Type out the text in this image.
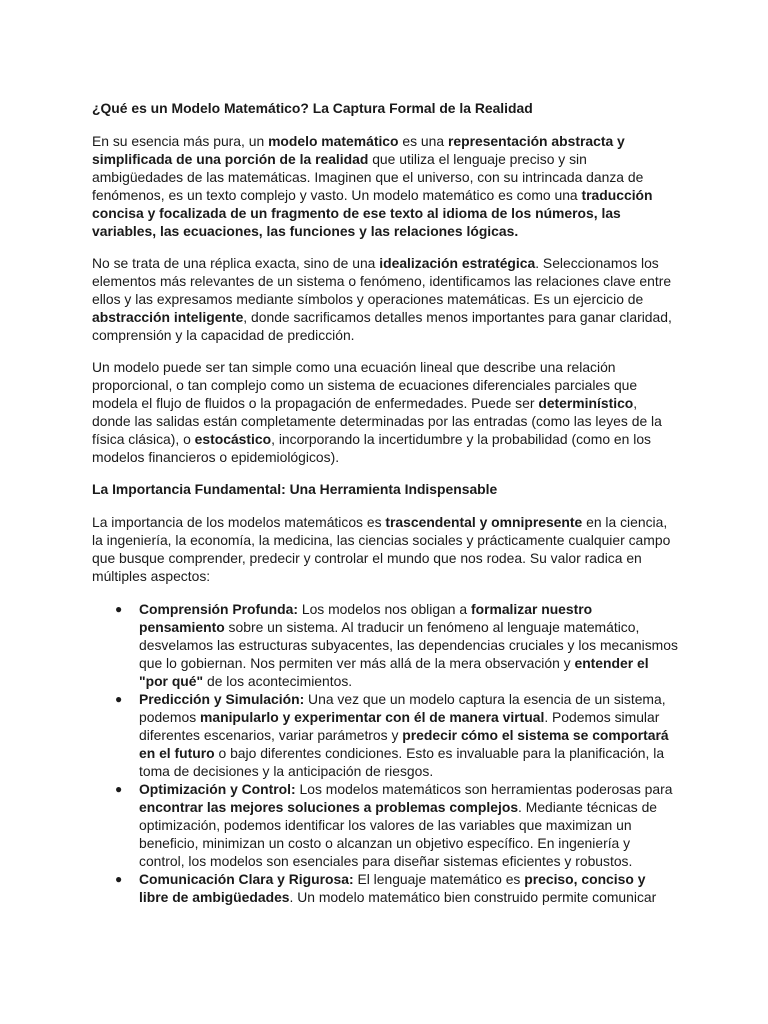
¿Qué es un Modelo Matemático? La Captura Formal de la Realidad

En su esencia más pura, un modelo matemático es una representación abstracta y simplificada de una porción de la realidad que utiliza el lenguaje preciso y sin ambigüedades de las matemáticas. Imaginen que el universo, con su intrincada danza de fenómenos, es un texto complejo y vasto. Un modelo matemático es como una traducción concisa y focalizada de un fragmento de ese texto al idioma de los números, las variables, las ecuaciones, las funciones y las relaciones lógicas.

No se trata de una réplica exacta, sino de una idealización estratégica. Seleccionamos los elementos más relevantes de un sistema o fenómeno, identificamos las relaciones clave entre ellos y las expresamos mediante símbolos y operaciones matemáticas. Es un ejercicio de abstracción inteligente, donde sacrificamos detalles menos importantes para ganar claridad, comprensión y la capacidad de predicción.

Un modelo puede ser tan simple como una ecuación lineal que describe una relación proporcional, o tan complejo como un sistema de ecuaciones diferenciales parciales que modela el flujo de fluidos o la propagación de enfermedades. Puede ser determinístico, donde las salidas están completamente determinadas por las entradas (como las leyes de la física clásica), o estocástico, incorporando la incertidumbre y la probabilidad (como en los modelos financieros o epidemiológicos).

La Importancia Fundamental: Una Herramienta Indispensable

La importancia de los modelos matemáticos es trascendental y omnipresente en la ciencia, la ingeniería, la economía, la medicina, las ciencias sociales y prácticamente cualquier campo que busque comprender, predecir y controlar el mundo que nos rodea. Su valor radica en múltiples aspectos:

● Comprensión Profunda: Los modelos nos obligan a formalizar nuestro pensamiento sobre un sistema. Al traducir un fenómeno al lenguaje matemático, desvelamos las estructuras subyacentes, las dependencias cruciales y los mecanismos que lo gobiernan. Nos permiten ver más allá de la mera observación y entender el "por qué" de los acontecimientos.
● Predicción y Simulación: Una vez que un modelo captura la esencia de un sistema, podemos manipularlo y experimentar con él de manera virtual. Podemos simular diferentes escenarios, variar parámetros y predecir cómo el sistema se comportará en el futuro o bajo diferentes condiciones. Esto es invaluable para la planificación, la toma de decisiones y la anticipación de riesgos.
● Optimización y Control: Los modelos matemáticos son herramientas poderosas para encontrar las mejores soluciones a problemas complejos. Mediante técnicas de optimización, podemos identificar los valores de las variables que maximizan un beneficio, minimizan un costo o alcanzan un objetivo específico. En ingeniería y control, los modelos son esenciales para diseñar sistemas eficientes y robustos.
● Comunicación Clara y Rigurosa: El lenguaje matemático es preciso, conciso y libre de ambigüedades. Un modelo matemático bien construido permite comunicar
